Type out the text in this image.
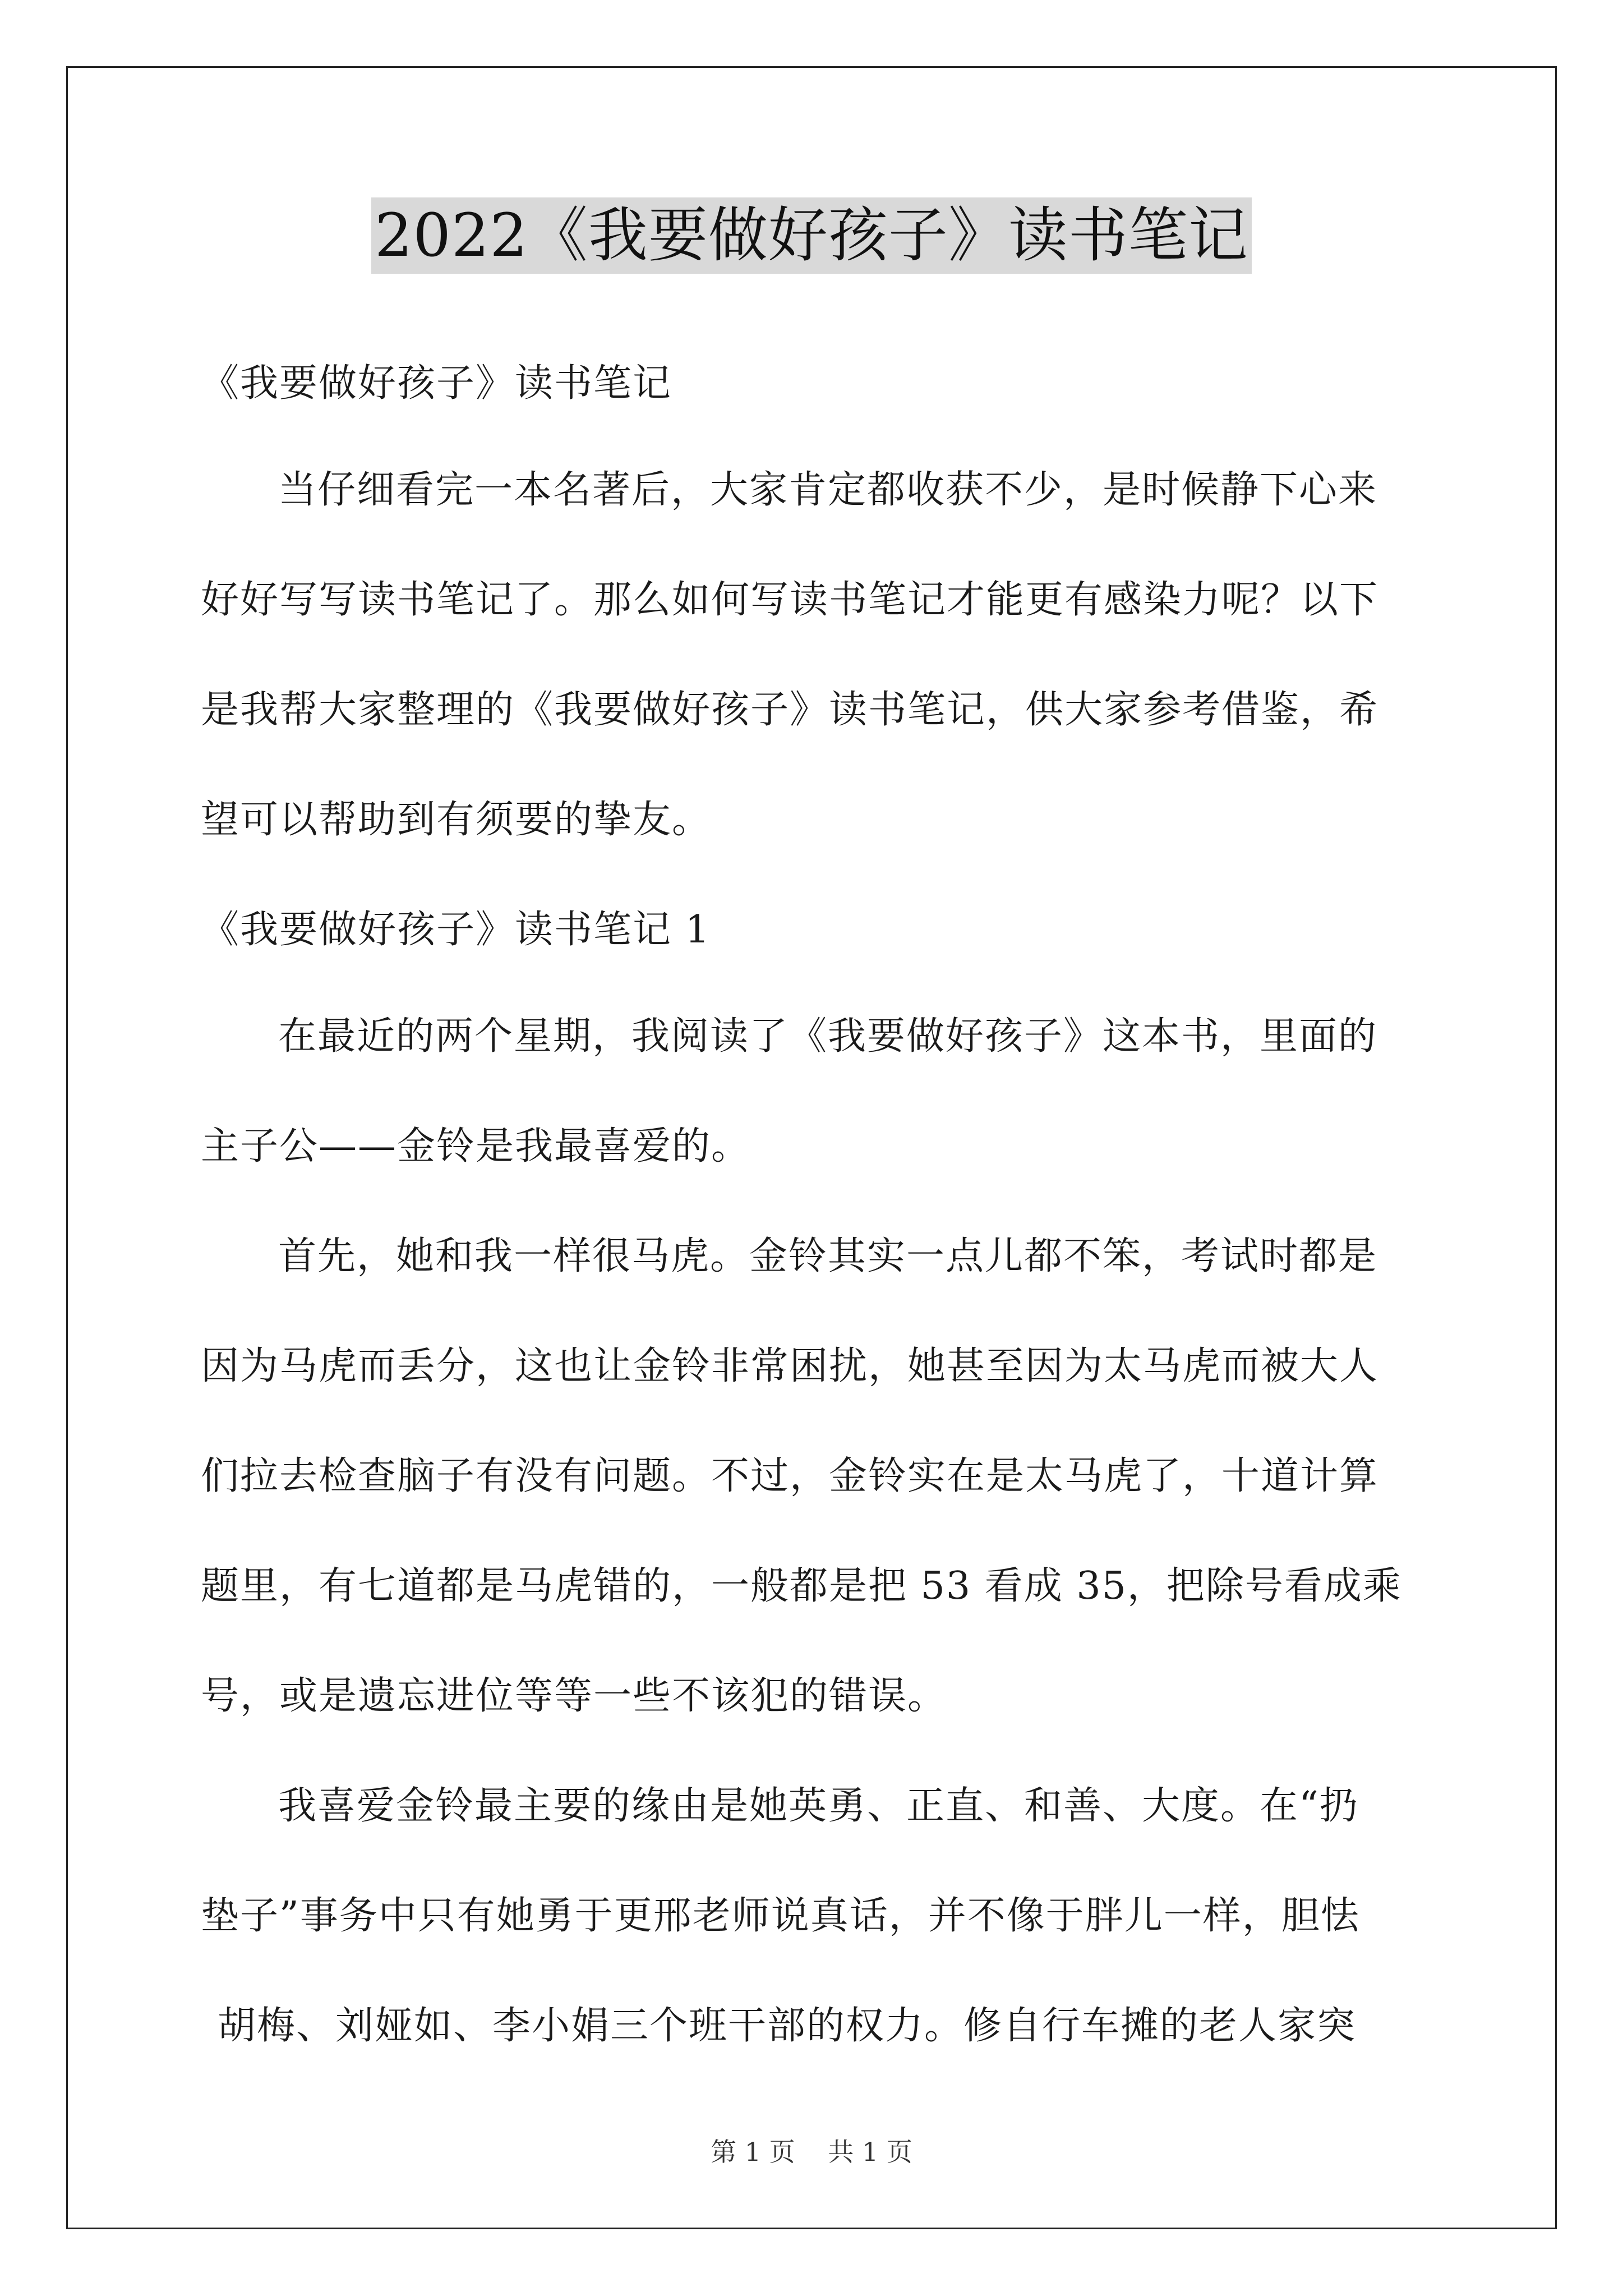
2022《我要做好孩子》读书笔记
《我要做好孩子》读书笔记
当仔细看完一本名著后，大家肯定都收获不少，是时候静下心来
好好写写读书笔记了。那么如何写读书笔记才能更有感染力呢？以下
是我帮大家整理的《我要做好孩子》读书笔记，供大家参考借鉴，希
望可以帮助到有须要的挚友。
《我要做好孩子》读书笔记 1
在最近的两个星期，我阅读了《我要做好孩子》这本书，里面的
主子公——金铃是我最喜爱的。
首先，她和我一样很马虎。金铃其实一点儿都不笨，考试时都是
因为马虎而丢分，这也让金铃非常困扰，她甚至因为太马虎而被大人
们拉去检查脑子有没有问题。不过，金铃实在是太马虎了，十道计算
题里，有七道都是马虎错的，一般都是把 53 看成 35，把除号看成乘
号，或是遗忘进位等等一些不该犯的错误。
我喜爱金铃最主要的缘由是她英勇、正直、和善、大度。在“扔
垫子”事务中只有她勇于更邢老师说真话，并不像于胖儿一样，胆怯
胡梅、刘娅如、李小娟三个班干部的权力。修自行车摊的老人家突
第 1 页 共 1 页
